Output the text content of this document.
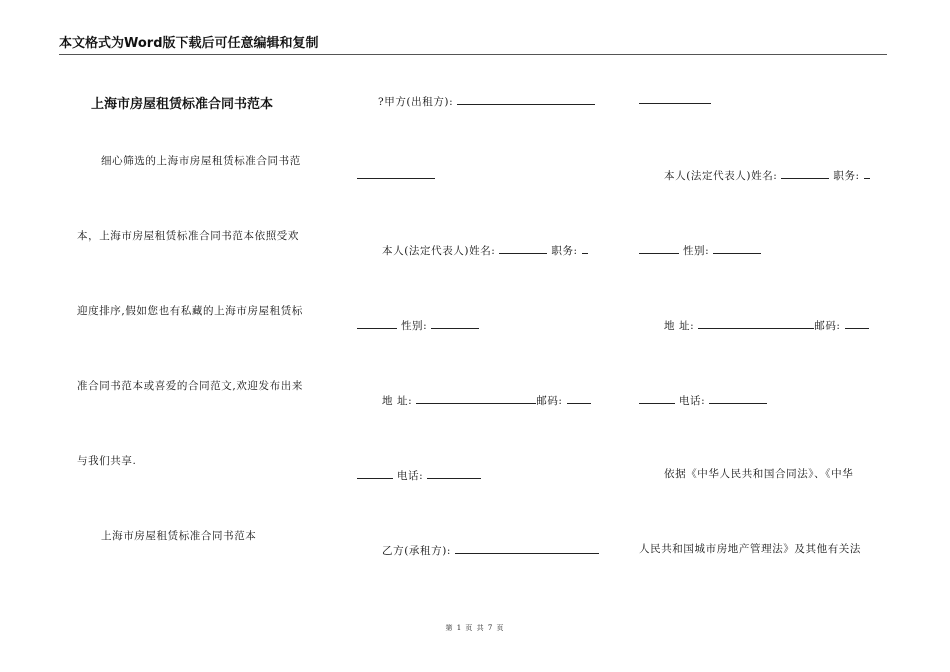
本文格式为Word版下载后可任意编辑和复制
上海市房屋租赁标准合同书范本
细心筛选的上海市房屋租赁标准合同书范
本，上海市房屋租赁标准合同书范本依照受欢
迎度排序,假如您也有私藏的上海市房屋租赁标
准合同书范本或喜爱的合同范文,欢迎发布出来
与我们共享.
上海市房屋租赁标准合同书范本
?甲方(出租方):
本人(法定代表人)姓名:	职务:
性别:
地 址:	邮码:
电话:
乙方(承租方):
本人(法定代表人)姓名:	职务:
性别:
地 址:	邮码:
电话:
依据《中华人民共和国合同法》、《中华
人民共和国城市房地产管理法》及其他有关法
第 1 页 共 7 页
